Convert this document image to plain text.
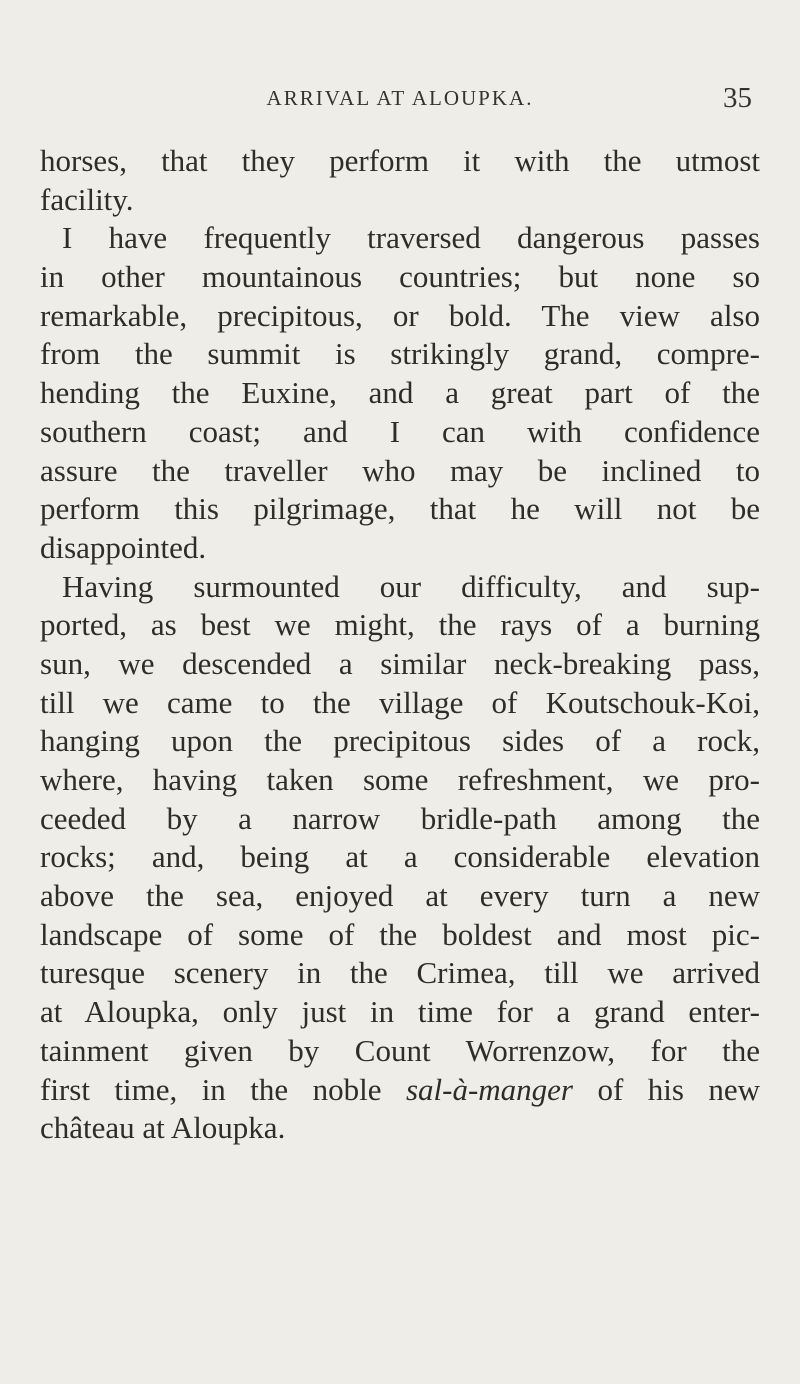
ARRIVAL AT ALOUPKA.	35
horses, that they perform it with the utmost
facility.
I have frequently traversed dangerous passes
in other mountainous countries; but none so
remarkable, precipitous, or bold. The view also
from the summit is strikingly grand, compre-
hending the Euxine, and a great part of the
southern coast; and I can with confidence
assure the traveller who may be inclined to
perform this pilgrimage, that he will not be
disappointed.
Having surmounted our difficulty, and sup-
ported, as best we might, the rays of a burning
sun, we descended a similar neck-breaking pass,
till we came to the village of Koutschouk-Koi,
hanging upon the precipitous sides of a rock,
where, having taken some refreshment, we pro-
ceeded by a narrow bridle-path among the
rocks; and, being at a considerable elevation
above the sea, enjoyed at every turn a new
landscape of some of the boldest and most pic-
turesque scenery in the Crimea, till we arrived
at Aloupka, only just in time for a grand enter-
tainment given by Count Worrenzow, for the
first time, in the noble sal-à-manger of his new
château at Aloupka.
